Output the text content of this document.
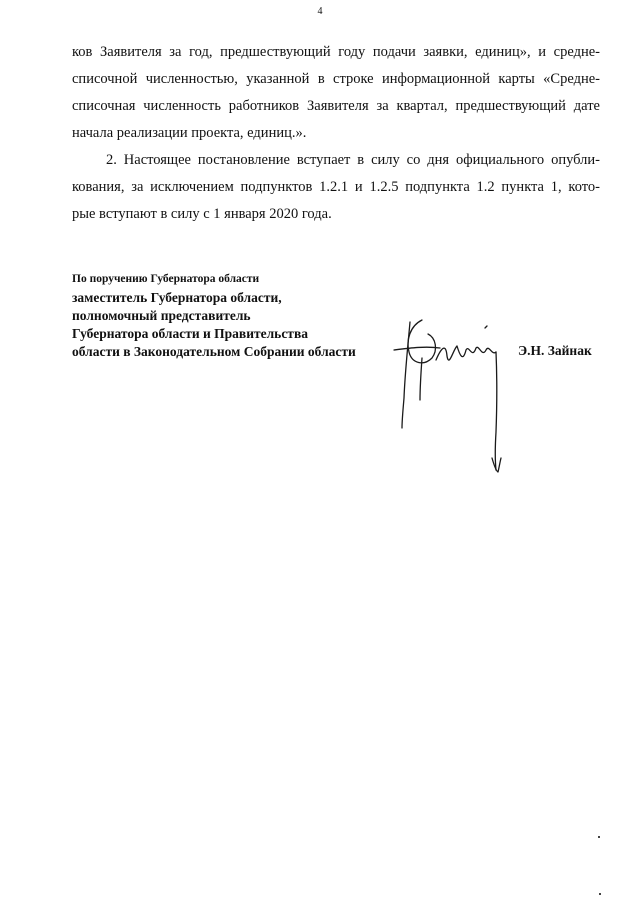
4
ков Заявителя за год, предшествующий году подачи заявки, единиц», и средне-
списочной численностью, указанной в строке информационной карты «Средне-
списочная численность работников Заявителя за квартал, предшествующий дате
начала реализации проекта, единиц.».
2. Настоящее постановление вступает в силу со дня официального опубли-
кования, за исключением подпунктов 1.2.1 и 1.2.5 подпункта 1.2 пункта 1, кото-
рые вступают в силу с 1 января 2020 года.
По поручению Губернатора области
заместитель Губернатора области,
полномочный представитель
Губернатора области и Правительства
области в Законодательном Собрании области	Э.Н. Зайнак
